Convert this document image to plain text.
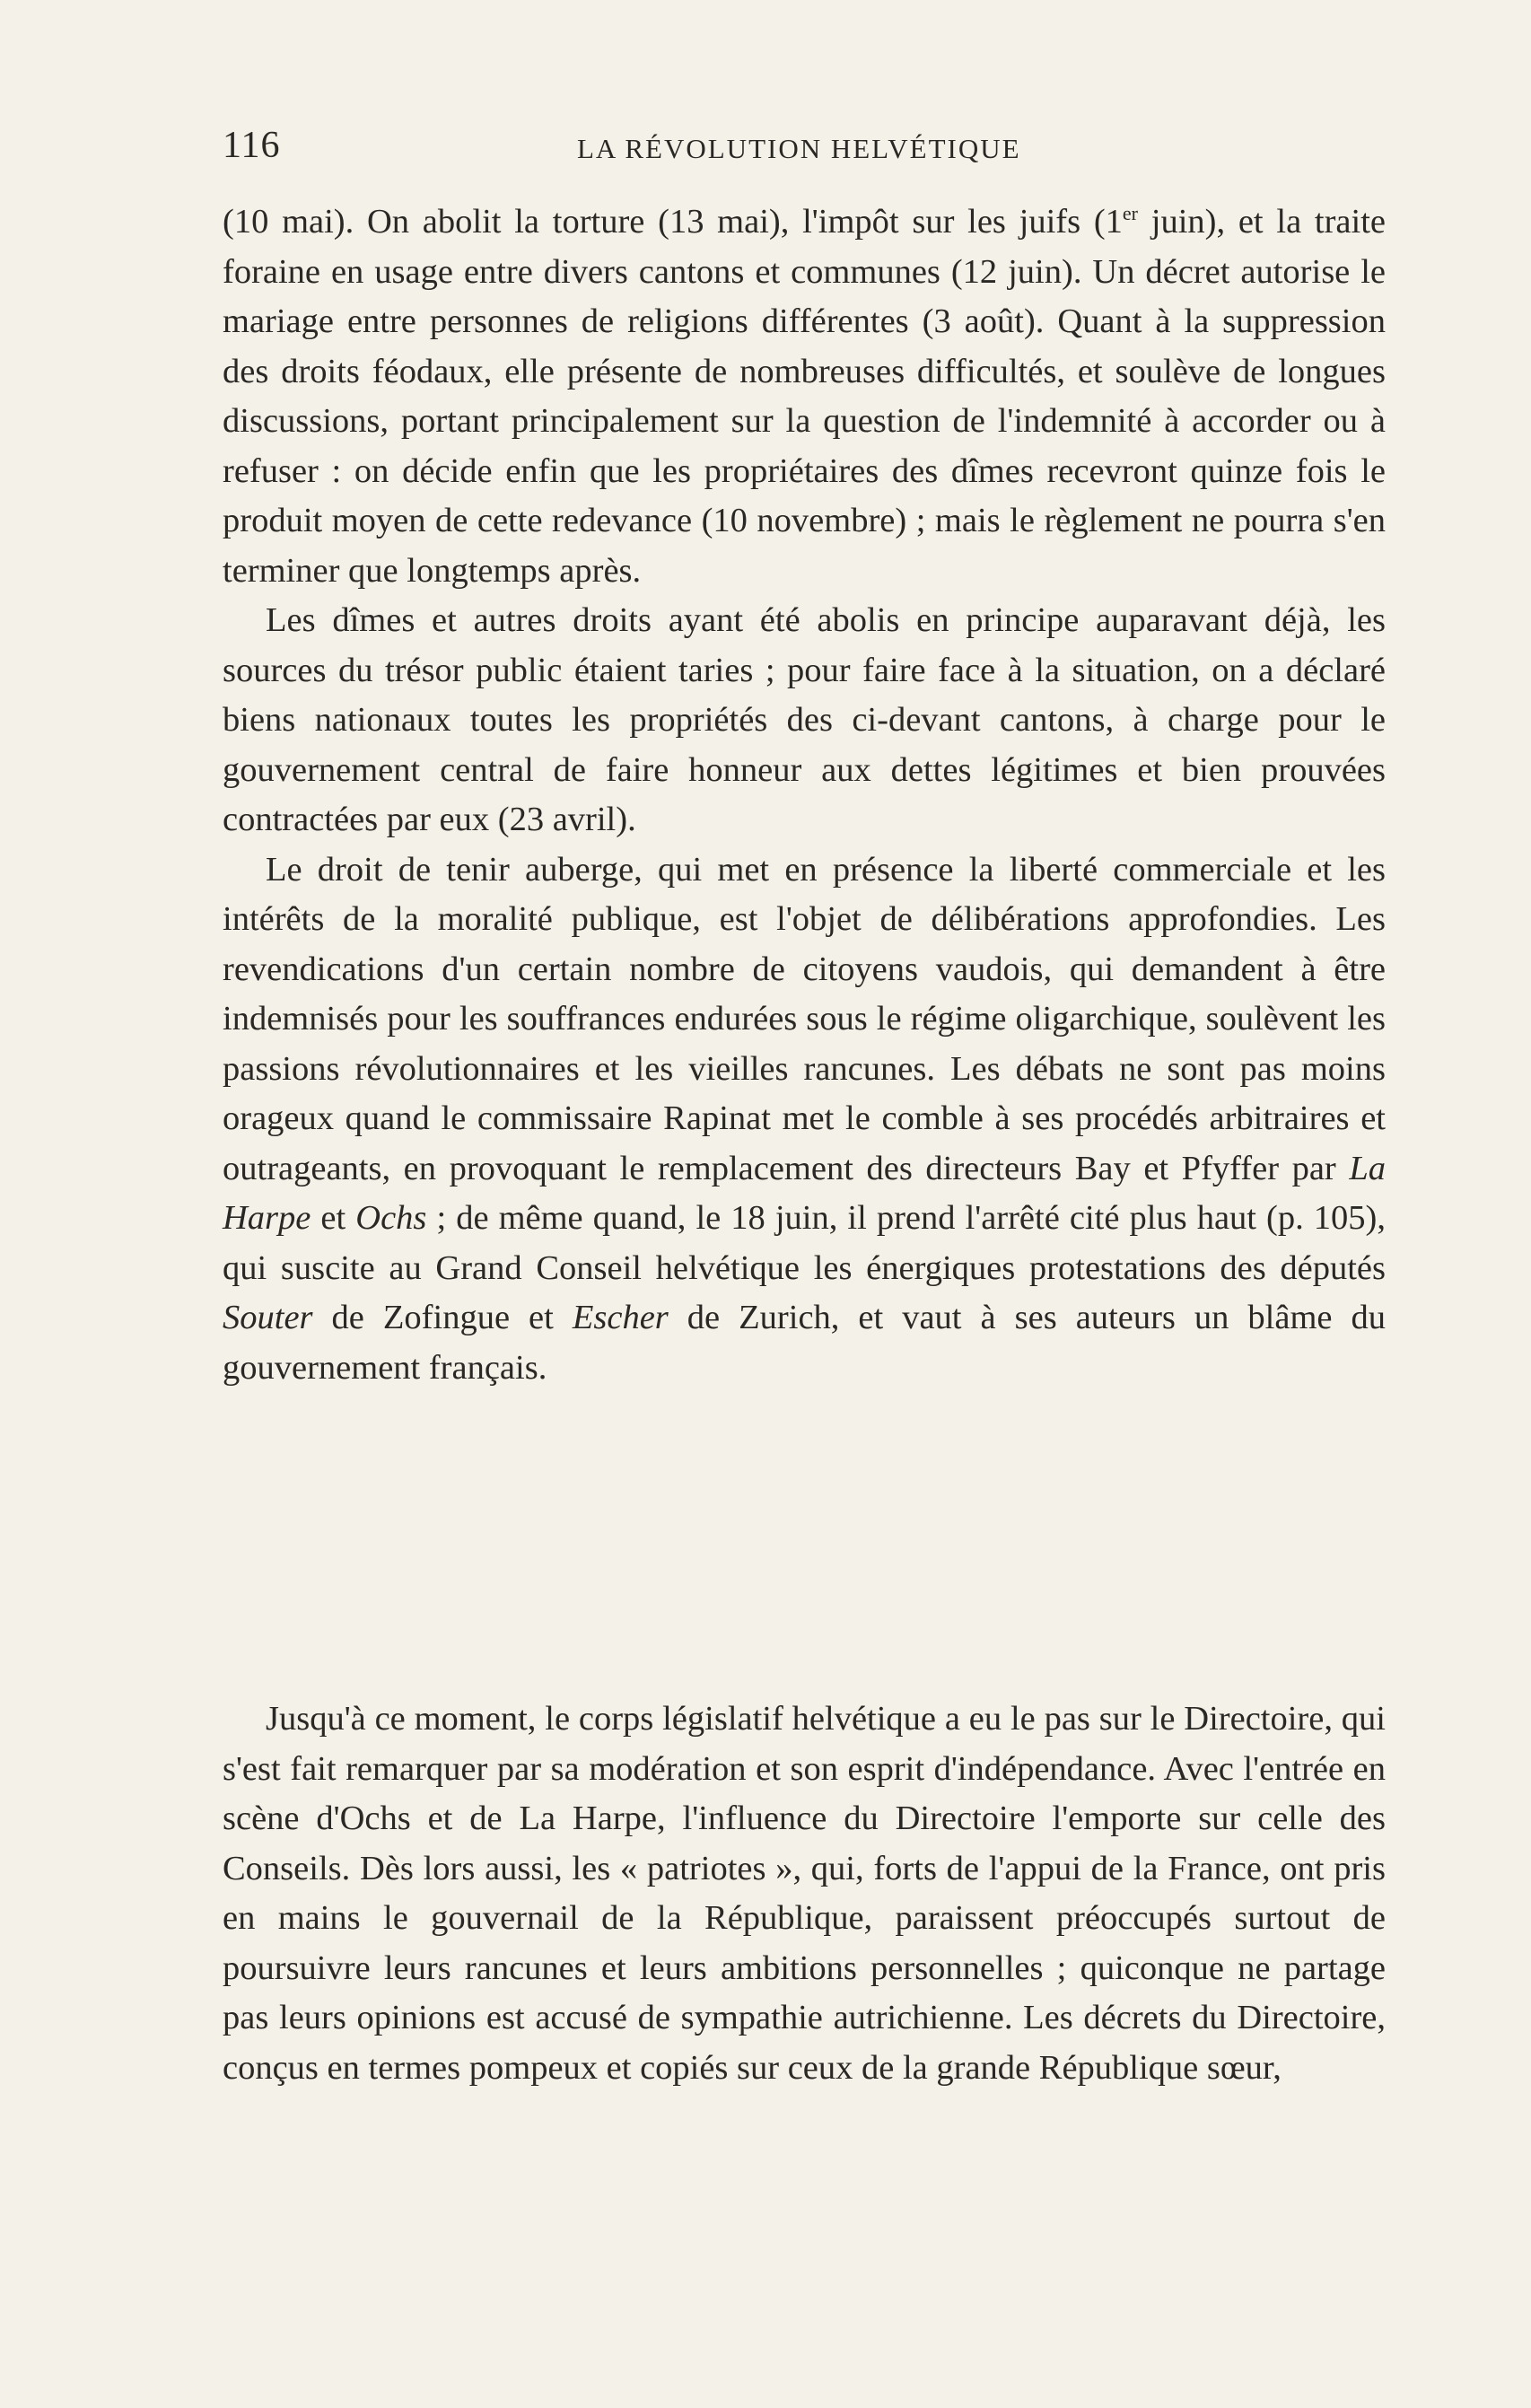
116	LA RÉVOLUTION HELVÉTIQUE

(10 mai). On abolit la torture (13 mai), l'impôt sur les juifs (1er juin), et la traite foraine en usage entre divers cantons et communes (12 juin). Un décret autorise le mariage entre personnes de religions différentes (3 août). Quant à la suppression des droits féodaux, elle présente de nombreuses difficultés, et soulève de longues discussions, portant principalement sur la question de l'indemnité à accorder ou à refuser : on décide enfin que les propriétaires des dîmes recevront quinze fois le produit moyen de cette redevance (10 novembre) ; mais le règlement ne pourra s'en terminer que longtemps après.

Les dîmes et autres droits ayant été abolis en principe auparavant déjà, les sources du trésor public étaient taries ; pour faire face à la situation, on a déclaré biens nationaux toutes les propriétés des ci-devant cantons, à charge pour le gouvernement central de faire honneur aux dettes légitimes et bien prouvées contractées par eux (23 avril).

Le droit de tenir auberge, qui met en présence la liberté commerciale et les intérêts de la moralité publique, est l'objet de délibérations approfondies. Les revendications d'un certain nombre de citoyens vaudois, qui demandent à être indemnisés pour les souffrances endurées sous le régime oligarchique, soulèvent les passions révolutionnaires et les vieilles rancunes. Les débats ne sont pas moins orageux quand le commissaire Rapinat met le comble à ses procédés arbitraires et outrageants, en provoquant le remplacement des directeurs Bay et Pfyffer par La Harpe et Ochs ; de même quand, le 18 juin, il prend l'arrêté cité plus haut (p. 105), qui suscite au Grand Conseil helvétique les énergiques protestations des députés Souter de Zofingue et Escher de Zurich, et vaut à ses auteurs un blâme du gouvernement français.

Jusqu'à ce moment, le corps législatif helvétique a eu le pas sur le Directoire, qui s'est fait remarquer par sa modération et son esprit d'indépendance. Avec l'entrée en scène d'Ochs et de La Harpe, l'influence du Directoire l'emporte sur celle des Conseils. Dès lors aussi, les « patriotes », qui, forts de l'appui de la France, ont pris en mains le gouvernail de la République, paraissent préoccupés surtout de poursuivre leurs rancunes et leurs ambitions personnelles ; quiconque ne partage pas leurs opinions est accusé de sympathie autrichienne. Les décrets du Directoire, conçus en termes pompeux et copiés sur ceux de la grande République sœur,
